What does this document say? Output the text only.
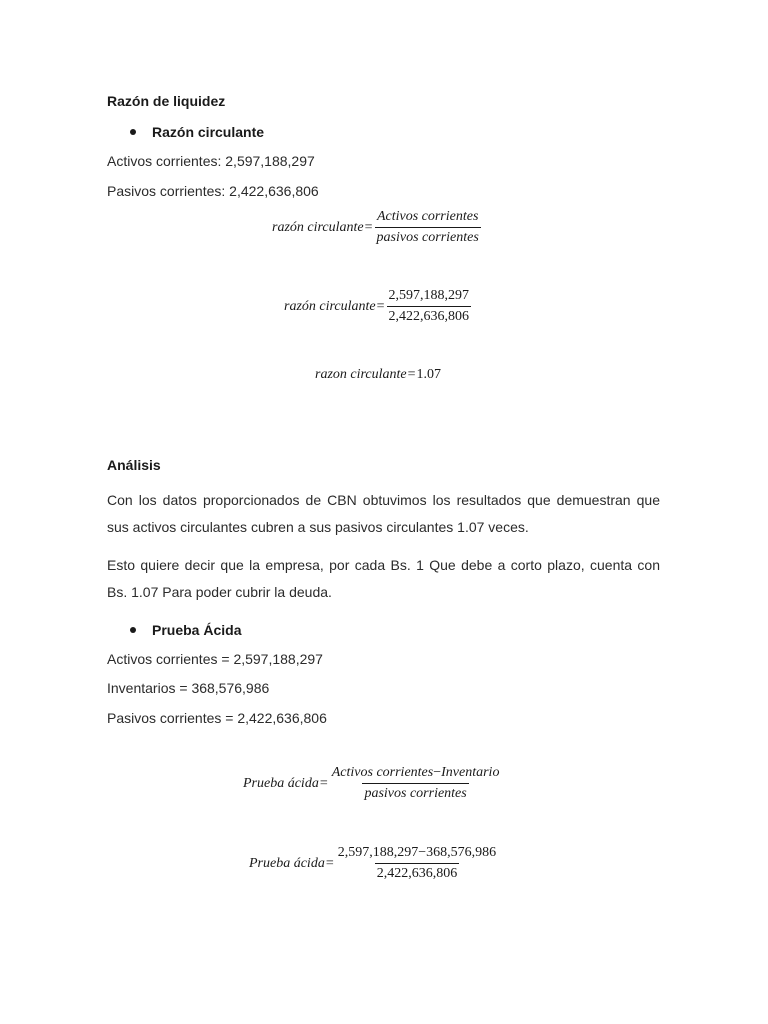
Razón de liquidez
Razón circulante
Activos corrientes: 2,597,188,297
Pasivos corrientes: 2,422,636,806
razón circulante = $\frac{\text{Activos corrientes}}{\text{pasivos corrientes}}$
razón circulante = $\frac{2,597,188,297}{2,422,636,806}$
razon circulante = 1.07
Análisis
Con los datos proporcionados de CBN obtuvimos los resultados que demuestran que sus activos circulantes cubren a sus pasivos circulantes 1.07 veces.
Esto quiere decir que la empresa, por cada Bs. 1 Que debe a corto plazo, cuenta con Bs. 1.07 Para poder cubrir la deuda.
Prueba Ácida
Activos corrientes = 2,597,188,297
Inventarios = 368,576,986
Pasivos corrientes = 2,422,636,806
Prueba ácida = $\frac{\text{Activos corrientes−Inventario}}{\text{pasivos corrientes}}$
Prueba ácida = $\frac{2,597,188,297-368,576,986}{2,422,636,806}$
